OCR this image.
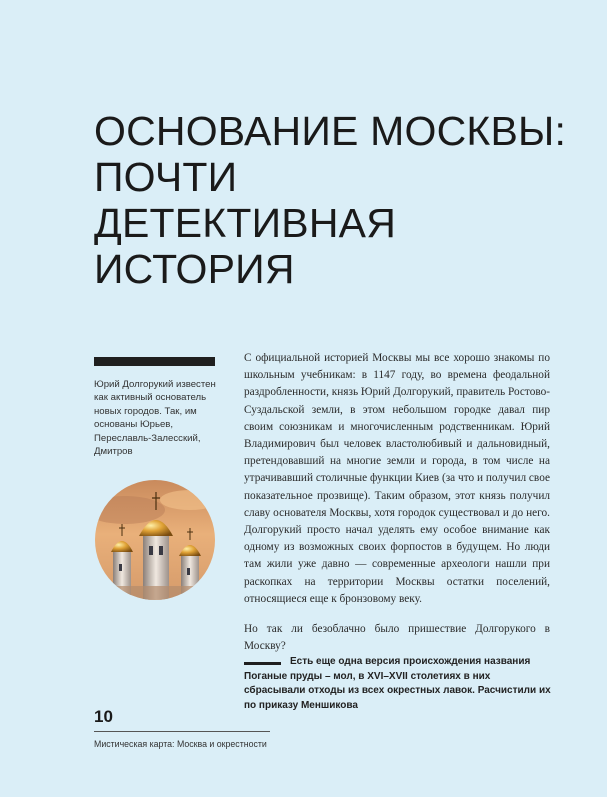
ОСНОВАНИЕ МОСКВЫ:
ПОЧТИ
ДЕТЕКТИВНАЯ
ИСТОРИЯ

Юрий Долгорукий известен как активный основатель новых городов. Так, им основаны Юрьев, Переславль-Залесский, Дмитров

С официальной историей Москвы мы все хорошо знакомы по школьным учебникам: в 1147 году, во времена феодальной раздробленности, князь Юрий Долгорукий, правитель Ростово-Суздальской земли, в этом небольшом городке давал пир своим союзникам и многочисленным родственникам. Юрий Владимирович был человек властолюбивый и дальновидный, претендовавший на многие земли и города, в том числе на утрачивавший столичные функции Киев (за что и получил свое показательное прозвище). Таким образом, этот князь получил славу основателя Москвы, хотя городок существовал и до него. Долгорукий просто начал уделять ему особое внимание как одному из возможных своих форпостов в будущем. Но люди там жили уже давно — современные археологи нашли при раскопках на территории Москвы остатки поселений, относящиеся еще к бронзовому веку.

Но так ли безоблачно было пришествие Долгорукого в Москву?

Есть еще одна версия происхождения названия Поганые пруды – мол, в XVI–XVII столетиях в них сбрасывали отходы из всех окрестных лавок. Расчистили их по приказу Меншикова

10
Мистическая карта: Москва и окрестности
